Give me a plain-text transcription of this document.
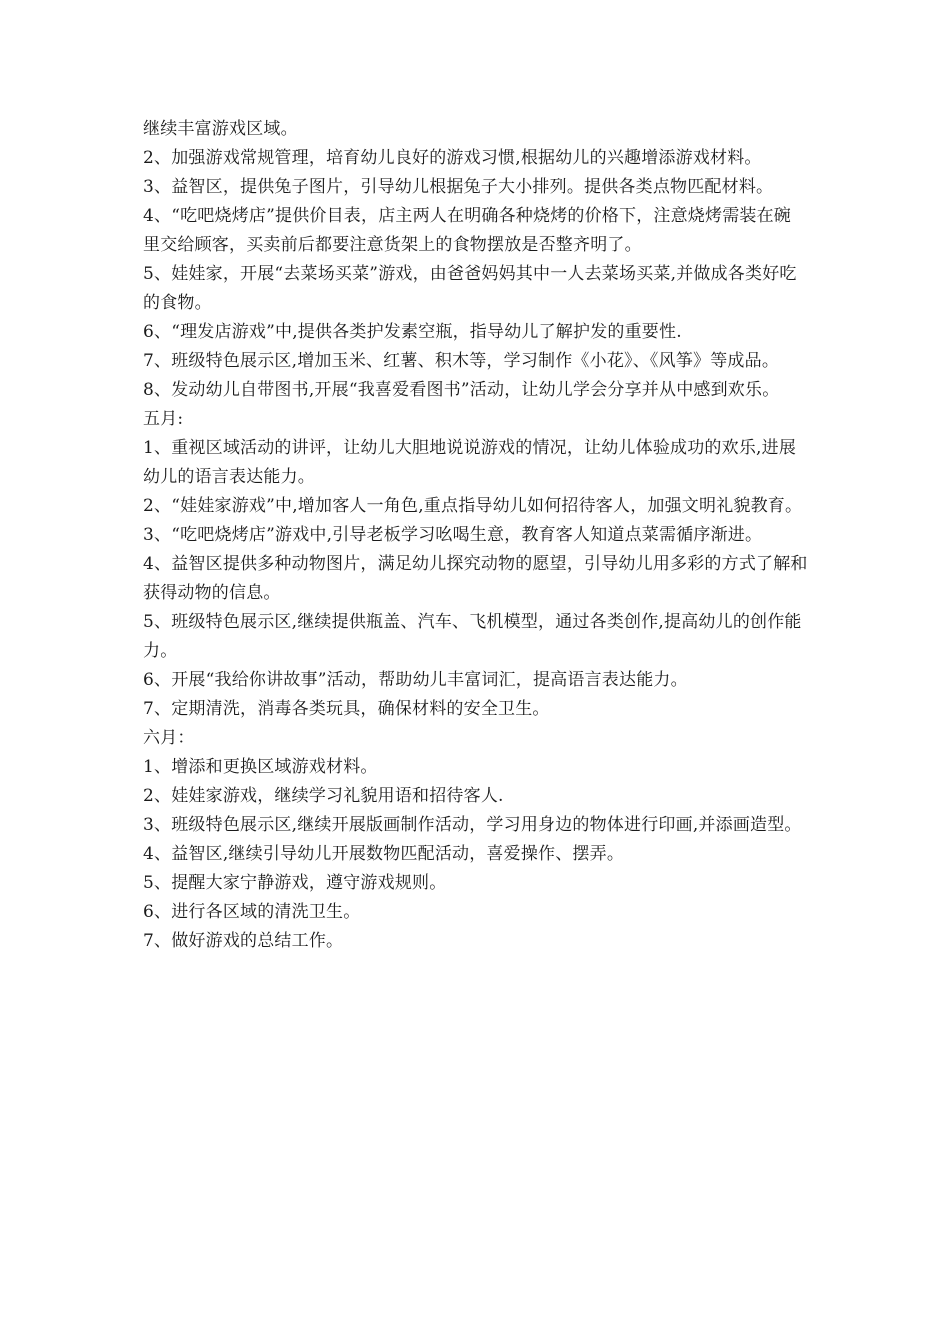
继续丰富游戏区域。

2、加强游戏常规管理，培育幼儿良好的游戏习惯,根据幼儿的兴趣增添游戏材料。

3、益智区，提供兔子图片，引导幼儿根据兔子大小排列。提供各类点物匹配材料。

4、“吃吧烧烤店”提供价目表，店主两人在明确各种烧烤的价格下，注意烧烤需装在碗里交给顾客，买卖前后都要注意货架上的食物摆放是否整齐明了。

5、娃娃家，开展“去菜场买菜”游戏，由爸爸妈妈其中一人去菜场买菜,并做成各类好吃的食物。

6、“理发店游戏”中,提供各类护发素空瓶，指导幼儿了解护发的重要性.

7、班级特色展示区,增加玉米、红薯、积木等，学习制作《小花》、《风筝》等成品。

8、发动幼儿自带图书,开展“我喜爱看图书”活动，让幼儿学会分享并从中感到欢乐。

五月:

1、重视区域活动的讲评，让幼儿大胆地说说游戏的情况，让幼儿体验成功的欢乐,进展幼儿的语言表达能力。

2、“娃娃家游戏”中,增加客人一角色,重点指导幼儿如何招待客人，加强文明礼貌教育。

3、“吃吧烧烤店”游戏中,引导老板学习吆喝生意，教育客人知道点菜需循序渐进。

4、益智区提供多种动物图片，满足幼儿探究动物的愿望，引导幼儿用多彩的方式了解和获得动物的信息。

5、班级特色展示区,继续提供瓶盖、汽车、飞机模型，通过各类创作,提高幼儿的创作能力。

6、开展“我给你讲故事”活动，帮助幼儿丰富词汇，提高语言表达能力。

7、定期清洗，消毒各类玩具，确保材料的安全卫生。

六月：

1、增添和更换区域游戏材料。

2、娃娃家游戏，继续学习礼貌用语和招待客人.

3、班级特色展示区,继续开展版画制作活动，学习用身边的物体进行印画,并添画造型。

4、益智区,继续引导幼儿开展数物匹配活动，喜爱操作、摆弄。

5、提醒大家宁静游戏，遵守游戏规则。

6、进行各区域的清洗卫生。

7、做好游戏的总结工作。
